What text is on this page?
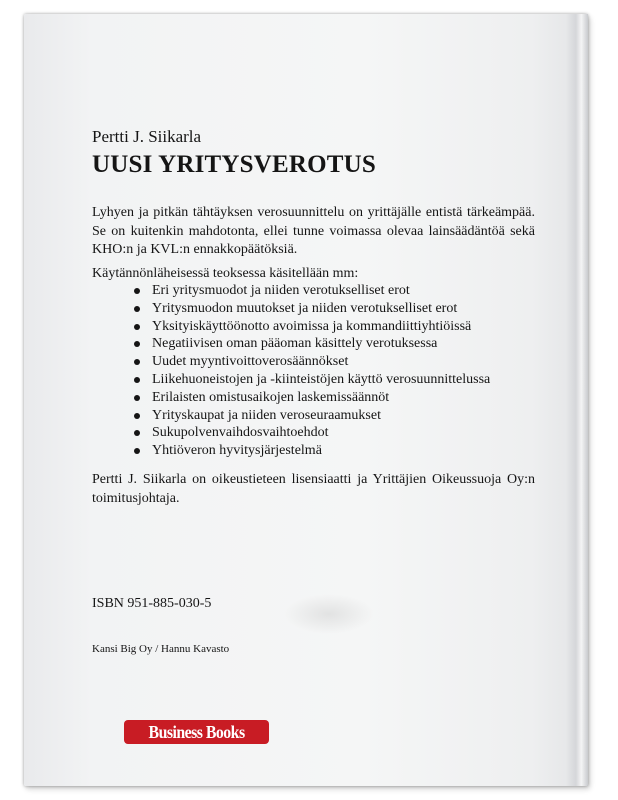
Pertti J. Siikarla
UUSI YRITYSVEROTUS
Lyhyen ja pitkän tähtäyksen verosuunnittelu on yrittäjälle entistä tärkeämpää. Se on kuitenkin mahdotonta, ellei tunne voimassa olevaa lainsäädäntöä sekä KHO:n ja KVL:n ennakkopäätöksiä.
Käytännönläheisessä teoksessa käsitellään mm:
Eri yritysmuodot ja niiden verotukselliset erot
Yritysmuodon muutokset ja niiden verotukselliset erot
Yksityiskäyttöönotto avoimissa ja kommandiittiyhtiöissä
Negatiivisen oman pääoman käsittely verotuksessa
Uudet myyntivoittoverosäännökset
Liikehuoneistojen ja -kiinteistöjen käyttö verosuunnittelussa
Erilaisten omistusaikojen laskemissäännöt
Yrityskaupat ja niiden veroseuraamukset
Sukupolvenvaihdosvaihtoehdot
Yhtiöveron hyvitysjärjestelmä
Pertti J. Siikarla on oikeustieteen lisensiaatti ja Yrittäjien Oikeussuoja Oy:n toimitusjohtaja.
ISBN 951-885-030-5
Kansi Big Oy / Hannu Kavasto
Business Books
